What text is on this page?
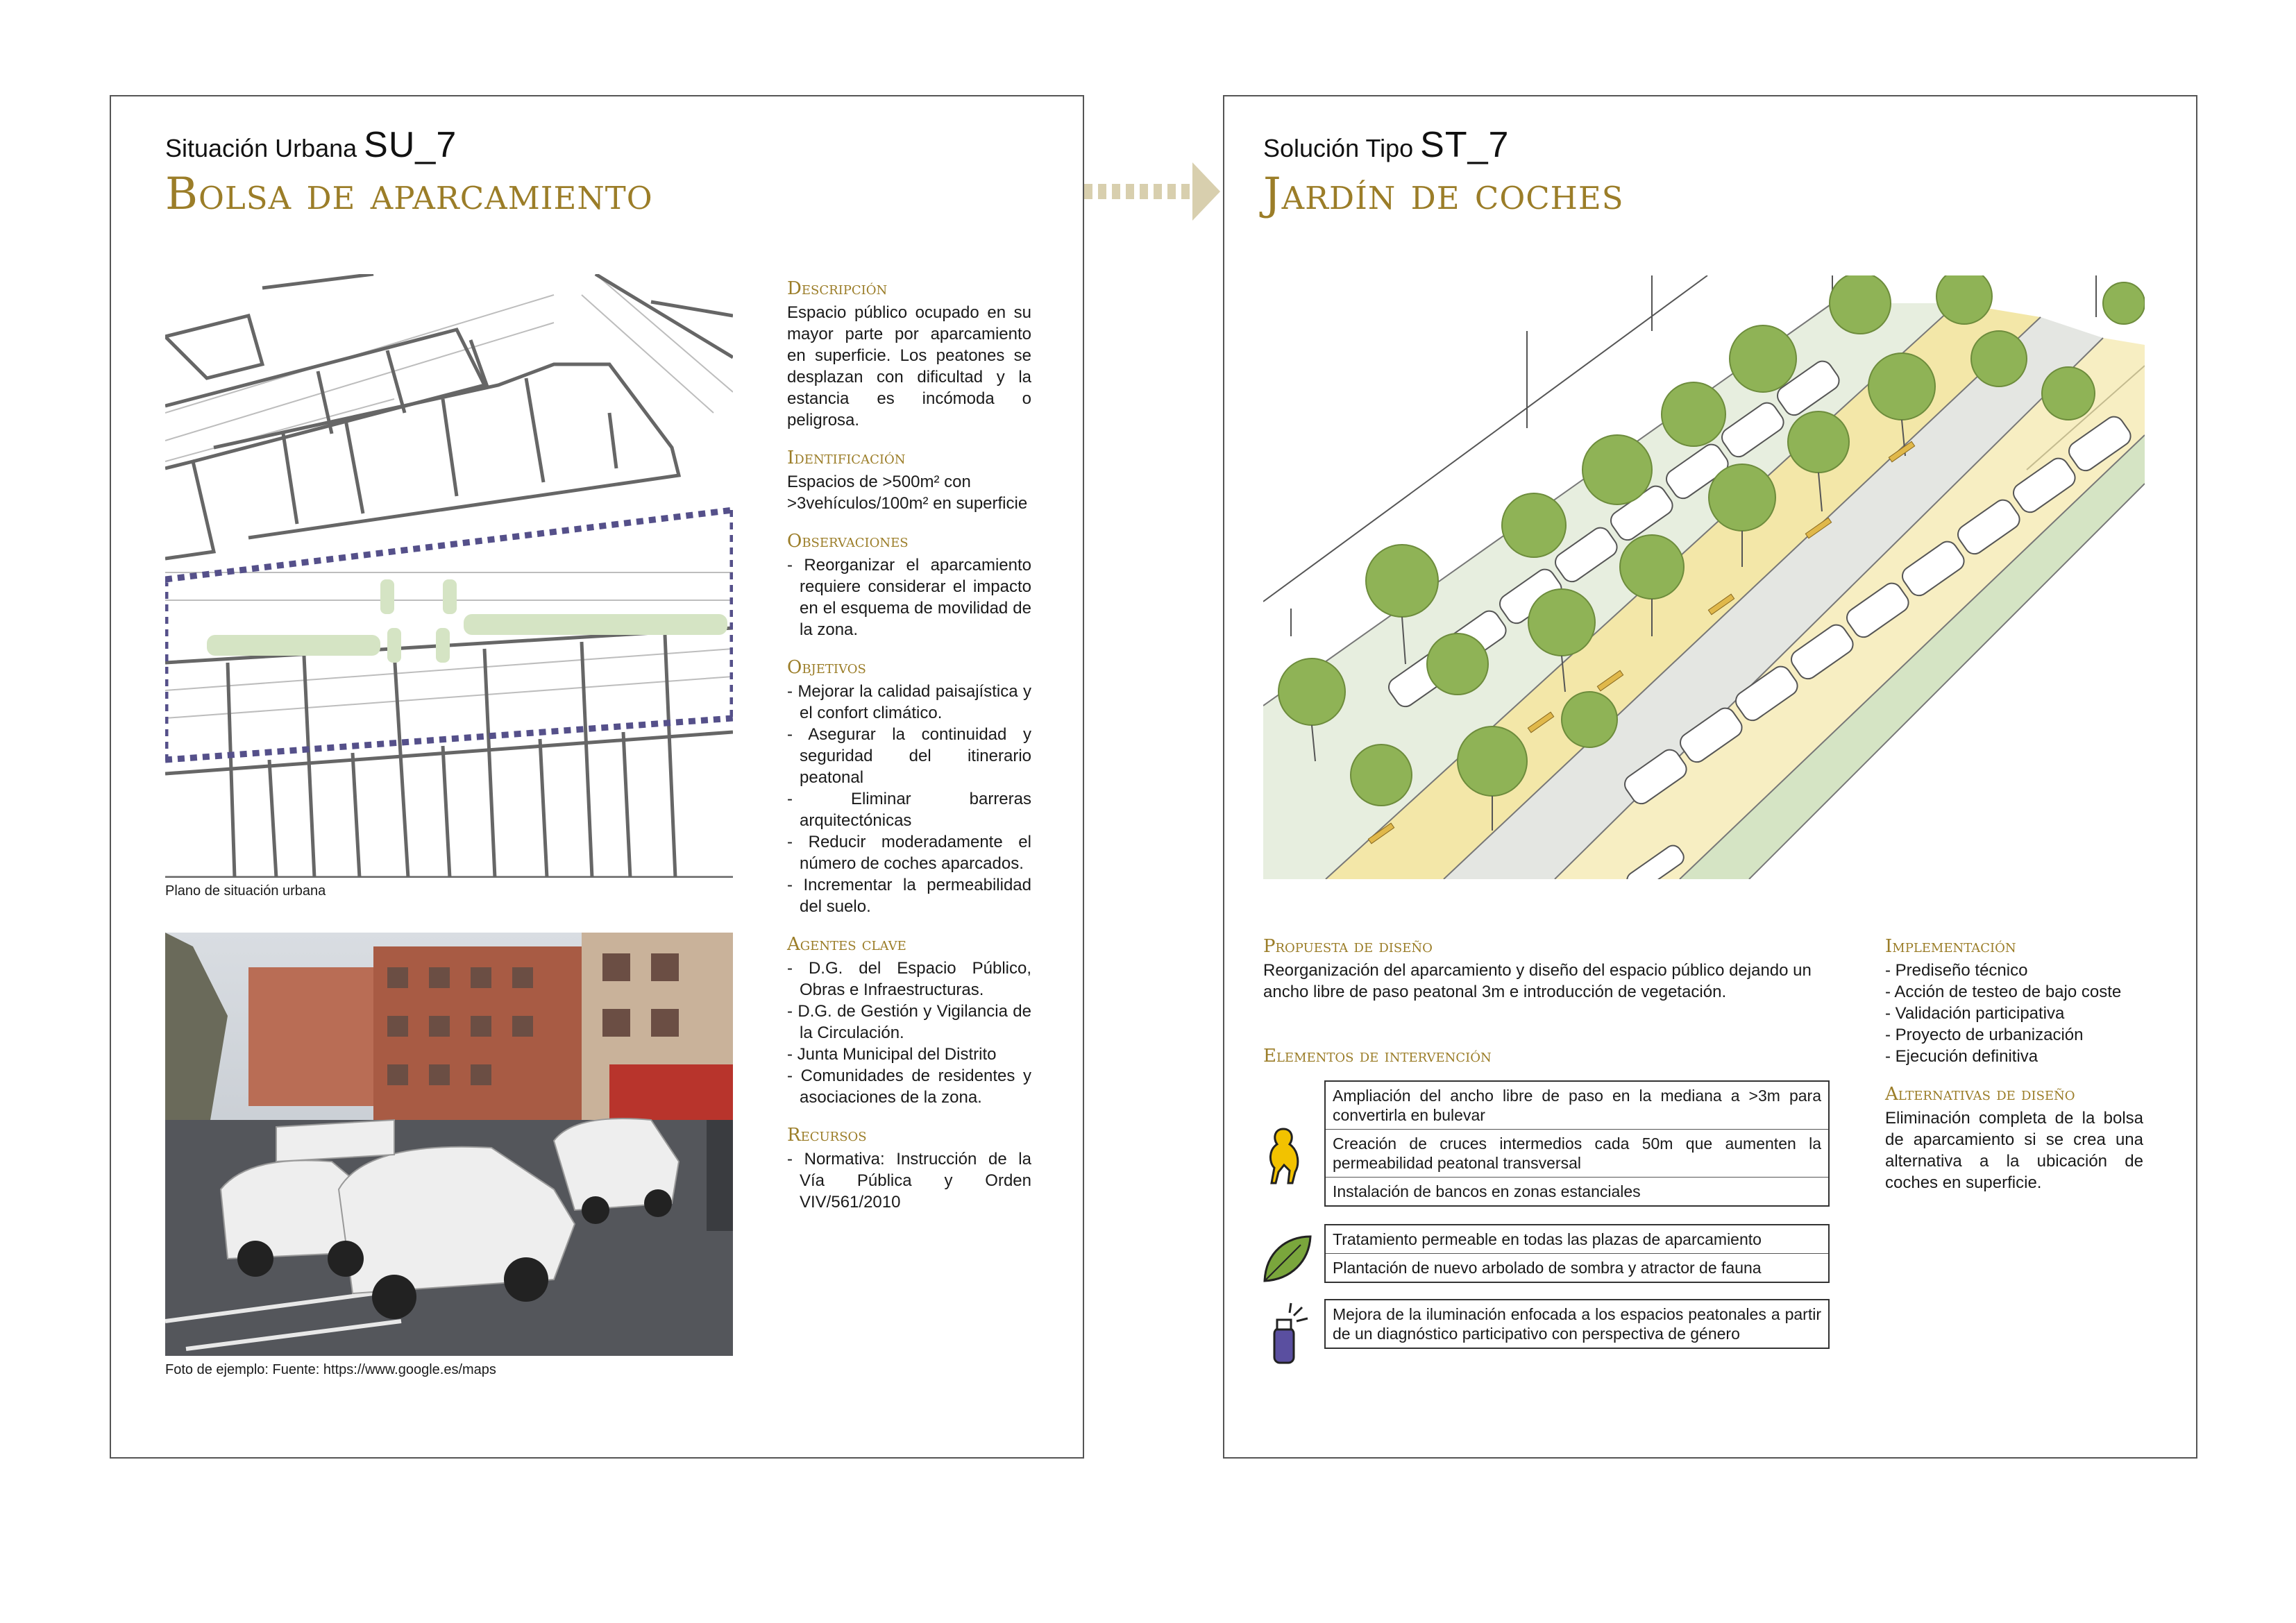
Situación Urbana SU_7
Bolsa de aparcamiento
Plano de situación urbana
Foto de ejemplo: Fuente: https://www.google.es/maps
Descripción
Espacio público ocupado en su mayor parte por aparcamiento en superficie. Los peatones se desplazan con dificultad y la estancia es incómoda o peligrosa.
Identificación
Espacios de >500m² con
>3vehículos/100m² en superficie
Observaciones
- Reorganizar el aparcamiento requiere considerar el impacto en el esquema de movilidad de la zona.
Objetivos
- Mejorar la calidad paisajística y el confort climático.
- Asegurar la continuidad y seguridad del itinerario peatonal
- Eliminar barreras arquitectónicas
- Reducir moderadamente el número de coches aparcados.
- Incrementar la permeabilidad del suelo.
Agentes clave
- D.G. del Espacio Público, Obras e Infraestructuras.
- D.G. de Gestión y Vigilancia de la Circulación.
- Junta Municipal del Distrito
- Comunidades de residentes y asociaciones de la zona.
Recursos
- Normativa: Instrucción de la Vía Pública y Orden VIV/561/2010
Solución Tipo ST_7
Jardín de coches
Propuesta de diseño
Reorganización del aparcamiento y diseño del espacio público dejando un ancho libre de paso peatonal 3m e introducción de vegetación.
Elementos de intervención
Ampliación del ancho libre de paso en la mediana a >3m para convertirla en bulevar
Creación de cruces intermedios cada 50m que aumenten la permeabilidad peatonal transversal
Instalación de bancos en zonas estanciales
Tratamiento permeable en todas las plazas de aparcamiento
Plantación de nuevo arbolado de sombra y atractor de fauna
Mejora de la iluminación enfocada a los espacios peatonales a partir de un diagnóstico participativo con perspectiva de género
Implementación
- Prediseño técnico
- Acción de testeo de bajo coste
- Validación participativa
- Proyecto de urbanización
- Ejecución definitiva
Alternativas de diseño
Eliminación completa de la bolsa de aparcamiento si se crea una alternativa a la ubicación de coches en superficie.
